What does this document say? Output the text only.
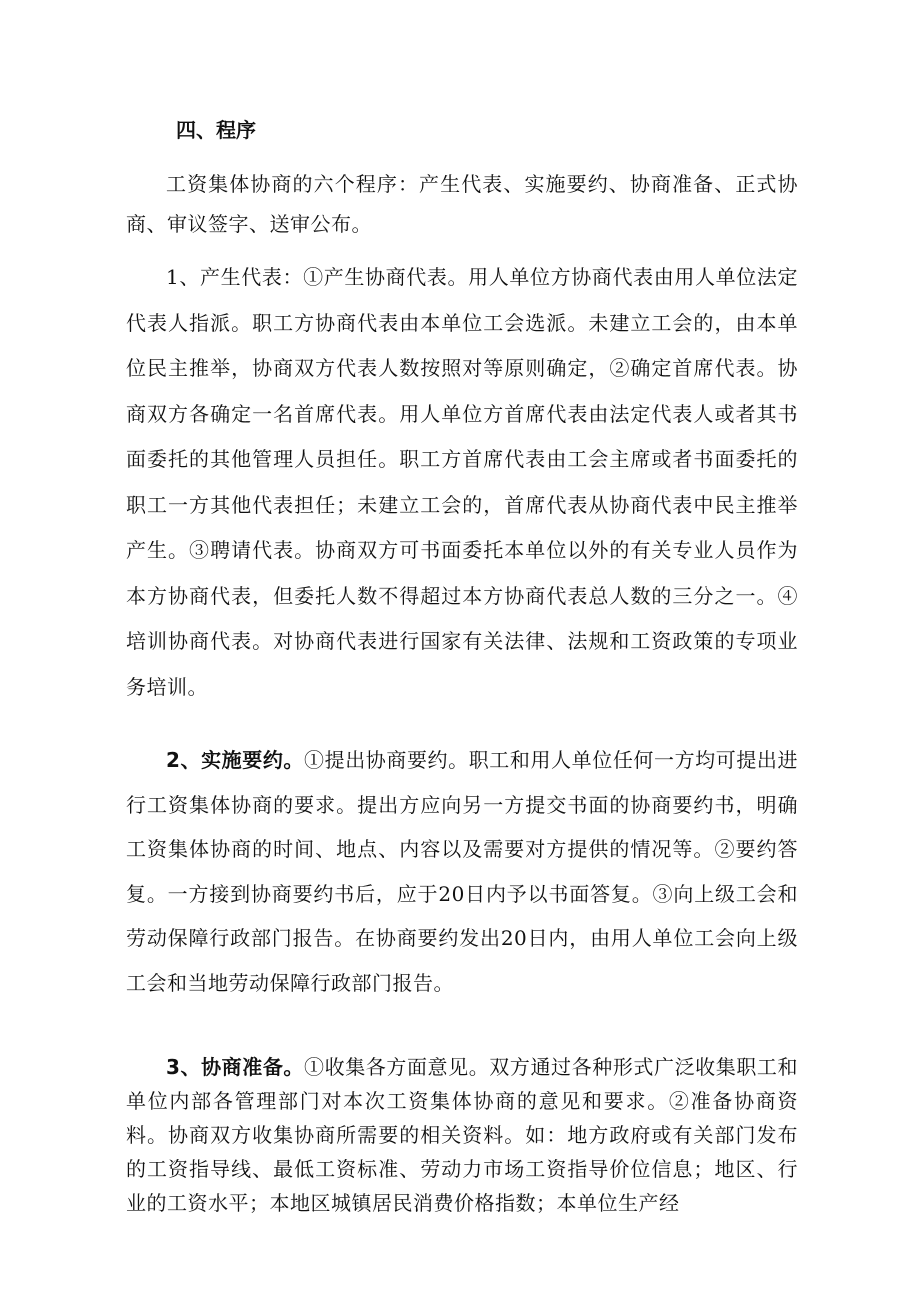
四、程序

工资集体协商的六个程序：产生代表、实施要约、协商准备、正式协商、审议签字、送审公布。

1、产生代表：①产生协商代表。用人单位方协商代表由用人单位法定代表人指派。职工方协商代表由本单位工会选派。未建立工会的，由本单位民主推举，协商双方代表人数按照对等原则确定，②确定首席代表。协商双方各确定一名首席代表。用人单位方首席代表由法定代表人或者其书面委托的其他管理人员担任。职工方首席代表由工会主席或者书面委托的职工一方其他代表担任；未建立工会的，首席代表从协商代表中民主推举产生。③聘请代表。协商双方可书面委托本单位以外的有关专业人员作为本方协商代表，但委托人数不得超过本方协商代表总人数的三分之一。④培训协商代表。对协商代表进行国家有关法律、法规和工资政策的专项业务培训。

2、实施要约。①提出协商要约。职工和用人单位任何一方均可提出进行工资集体协商的要求。提出方应向另一方提交书面的协商要约书，明确工资集体协商的时间、地点、内容以及需要对方提供的情况等。②要约答复。一方接到协商要约书后，应于20日内予以书面答复。③向上级工会和劳动保障行政部门报告。在协商要约发出20日内，由用人单位工会向上级工会和当地劳动保障行政部门报告。

3、协商准备。①收集各方面意见。双方通过各种形式广泛收集职工和单位内部各管理部门对本次工资集体协商的意见和要求。②准备协商资料。协商双方收集协商所需要的相关资料。如：地方政府或有关部门发布的工资指导线、最低工资标准、劳动力市场工资指导价位信息；地区、行业的工资水平；本地区城镇居民消费价格指数；本单位生产经
